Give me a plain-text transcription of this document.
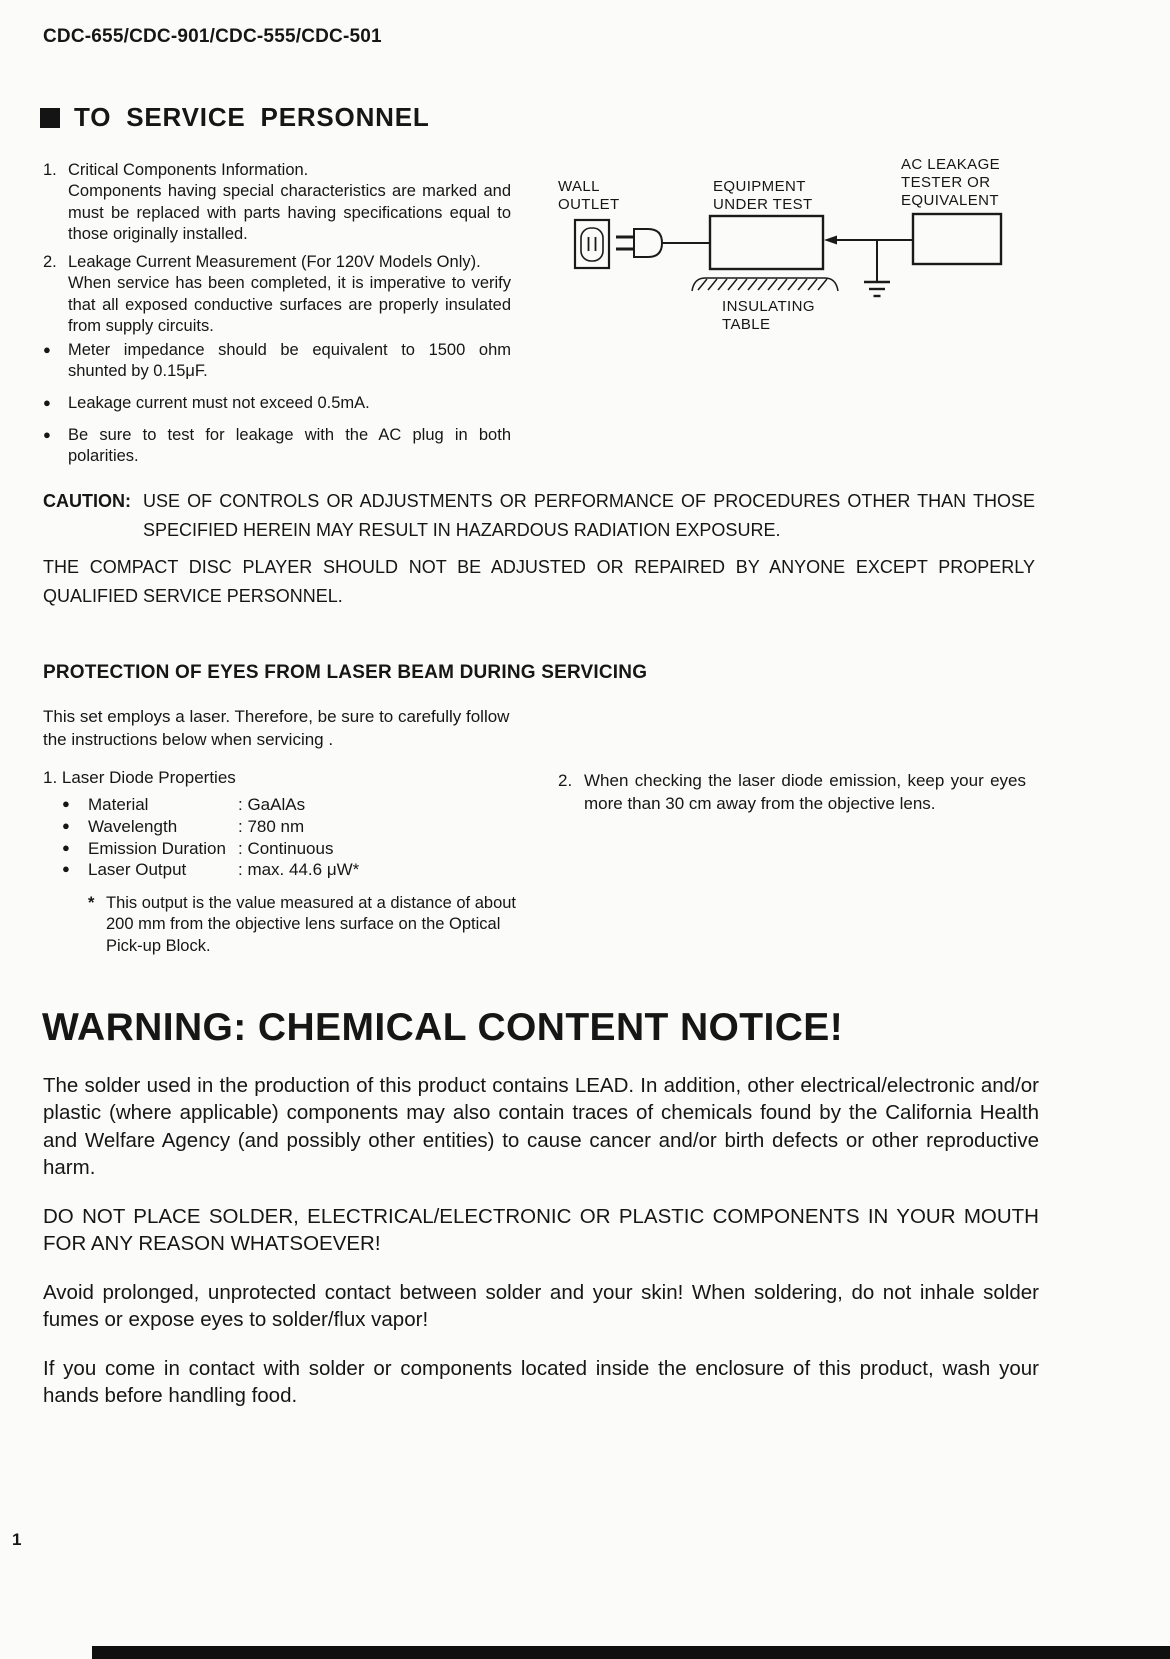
CDC-655/CDC-901/CDC-555/CDC-501
TO SERVICE PERSONNEL
1. Critical Components Information.
Components having special characteristics are marked and must be replaced with parts having specifications equal to those originally installed.
2. Leakage Current Measurement (For 120V Models Only).
When service has been completed, it is imperative to verify that all exposed conductive surfaces are properly insulated from supply circuits.
●	Meter impedance should be equivalent to 1500 ohm shunted by 0.15μF.
●	Leakage current must not exceed 0.5mA.
●	Be sure to test for leakage with the AC plug in both polarities.
WALL
OUTLET
EQUIPMENT
UNDER TEST
AC LEAKAGE
TESTER OR
EQUIVALENT
INSULATING
TABLE
CAUTION: USE OF CONTROLS OR ADJUSTMENTS OR PERFORMANCE OF PROCEDURES OTHER THAN THOSE SPECIFIED HEREIN MAY RESULT IN HAZARDOUS RADIATION EXPOSURE.
THE COMPACT DISC PLAYER SHOULD NOT BE ADJUSTED OR REPAIRED BY ANYONE EXCEPT PROPERLY QUALIFIED SERVICE PERSONNEL.
PROTECTION OF EYES FROM LASER BEAM DURING SERVICING
This set employs a laser. Therefore, be sure to carefully follow the instructions below when servicing .
1. Laser Diode Properties
●	Material	: GaAlAs
●	Wavelength	: 780 nm
●	Emission Duration : Continuous
●	Laser Output	: max. 44.6 μW*
* This output is the value measured at a distance of about 200 mm from the objective lens surface on the Optical Pick-up Block.
2. When checking the laser diode emission, keep your eyes more than 30 cm away from the objective lens.
WARNING: CHEMICAL CONTENT NOTICE!

The solder used in the production of this product contains LEAD. In addition, other electrical/electronic and/or plastic (where applicable) components may also contain traces of chemicals found by the California Health and Welfare Agency (and possibly other entities) to cause cancer and/or birth defects or other reproductive harm.

DO NOT PLACE SOLDER, ELECTRICAL/ELECTRONIC OR PLASTIC COMPONENTS IN YOUR MOUTH FOR ANY REASON WHATSOEVER!

Avoid prolonged, unprotected contact between solder and your skin! When soldering, do not inhale solder fumes or expose eyes to solder/flux vapor!

If you come in contact with solder or components located inside the enclosure of this product, wash your hands before handling food.

1
